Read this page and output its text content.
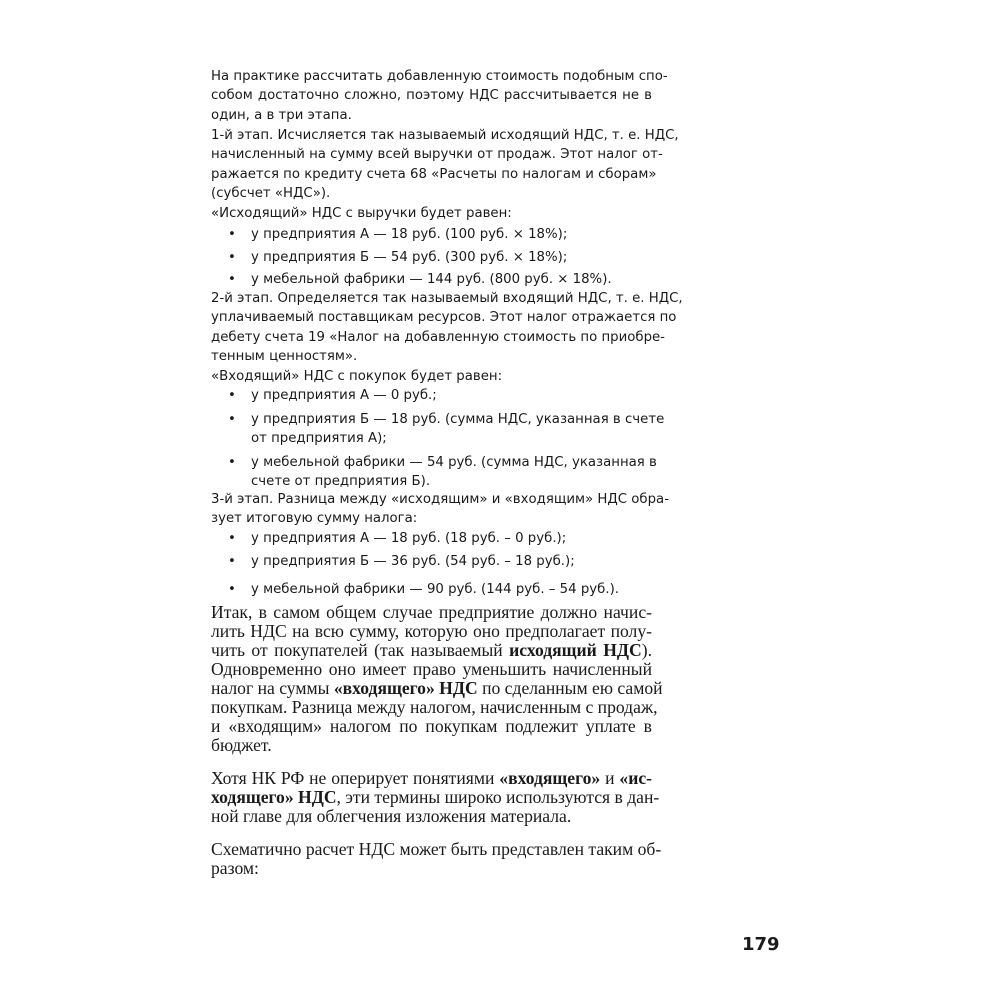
На практике рассчитать добавленную стоимость подобным спо-
собом достаточно сложно, поэтому НДС рассчитывается не в
один, а в три этапа.
1-й этап. Исчисляется так называемый исходящий НДС, т. е. НДС,
начисленный на сумму всей выручки от продаж. Этот налог от-
ражается по кредиту счета 68 «Расчеты по налогам и сборам»
(субсчет «НДС»).
«Исходящий» НДС с выручки будет равен:
• у предприятия А — 18 руб. (100 руб. × 18%);
• у предприятия Б — 54 руб. (300 руб. × 18%);
• у мебельной фабрики — 144 руб. (800 руб. × 18%).
2-й этап. Определяется так называемый входящий НДС, т. е. НДС,
уплачиваемый поставщикам ресурсов. Этот налог отражается по
дебету счета 19 «Налог на добавленную стоимость по приобре-
тенным ценностям».
«Входящий» НДС с покупок будет равен:
• у предприятия А — 0 руб.;
• у предприятия Б — 18 руб. (сумма НДС, указанная в счете
от предприятия А);
• у мебельной фабрики — 54 руб. (сумма НДС, указанная в
счете от предприятия Б).
3-й этап. Разница между «исходящим» и «входящим» НДС обра-
зует итоговую сумму налога:
• у предприятия А — 18 руб. (18 руб. – 0 руб.);
• у предприятия Б — 36 руб. (54 руб. – 18 руб.);
• у мебельной фабрики — 90 руб. (144 руб. – 54 руб.).
Итак, в самом общем случае предприятие должно начис-
лить НДС на всю сумму, которую оно предполагает полу-
чить от покупателей (так называемый исходящий НДС).
Одновременно оно имеет право уменьшить начисленный
налог на суммы «входящего» НДС по сделанным ею самой
покупкам. Разница между налогом, начисленным с продаж,
и «входящим» налогом по покупкам подлежит уплате в
бюджет.
Хотя НК РФ не оперирует понятиями «входящего» и «ис-
ходящего» НДС, эти термины широко используются в дан-
ной главе для облегчения изложения материала.
Схематично расчет НДС может быть представлен таким об-
разом:
179
